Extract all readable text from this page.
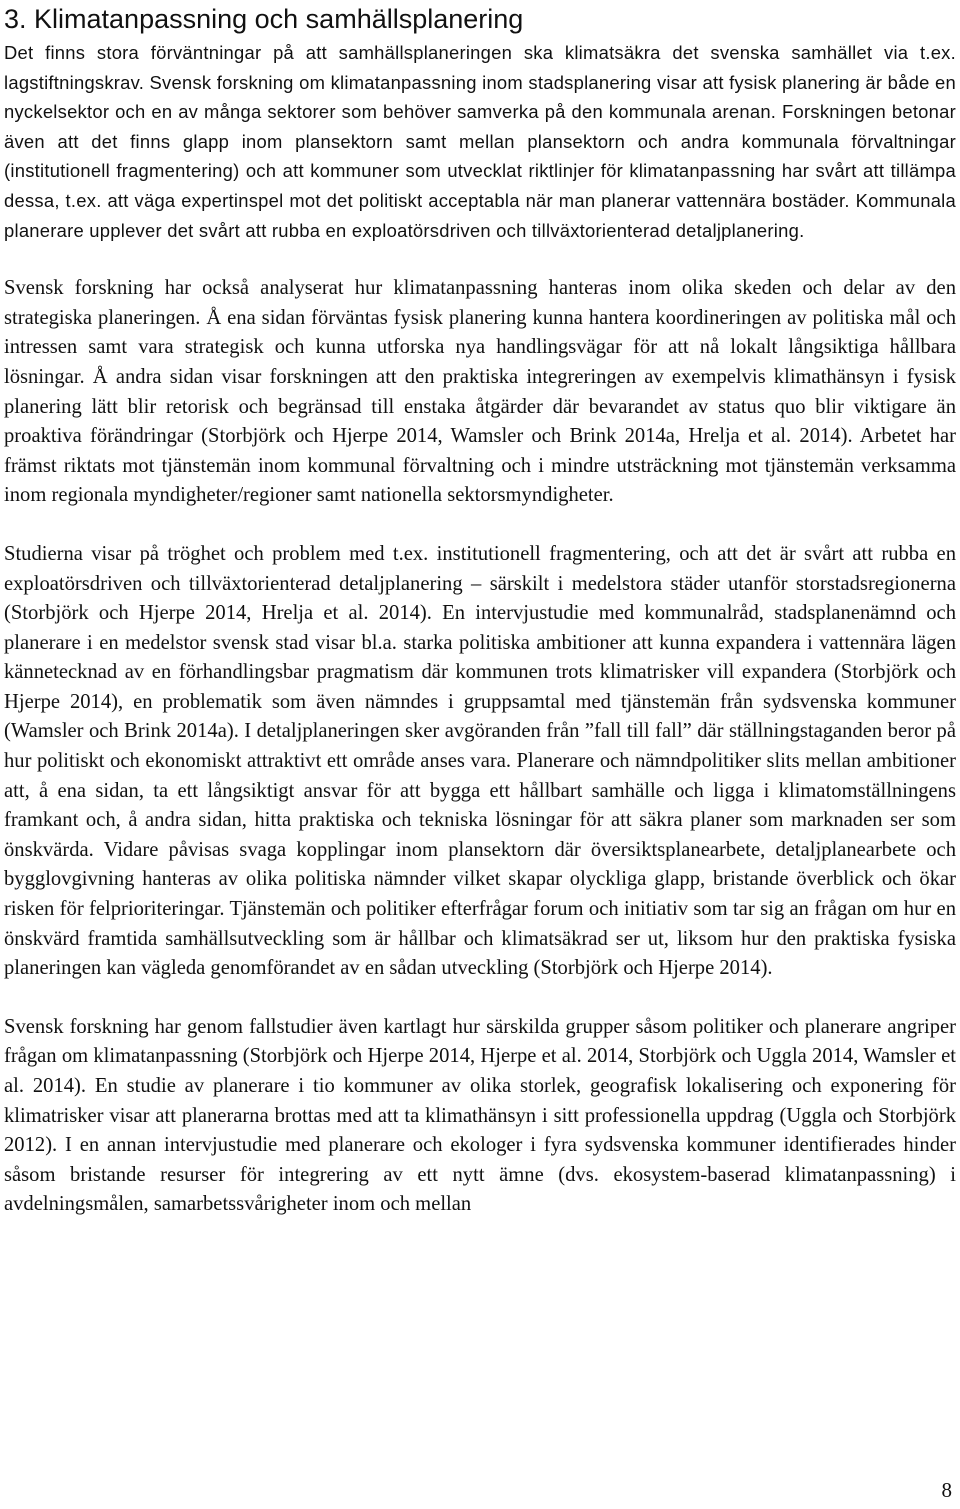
3. Klimatanpassning och samhällsplanering

Det finns stora förväntningar på att samhällsplaneringen ska klimatsäkra det svenska samhället via t.ex. lagstiftningskrav. Svensk forskning om klimatanpassning inom stadsplanering visar att fysisk planering är både en nyckelsektor och en av många sektorer som behöver samverka på den kommunala arenan. Forskningen betonar även att det finns glapp inom plansektorn samt mellan plansektorn och andra kommunala förvaltningar (institutionell fragmentering) och att kommuner som utvecklat riktlinjer för klimatanpassning har svårt att tillämpa dessa, t.ex. att väga expertinspel mot det politiskt acceptabla när man planerar vattennära bostäder. Kommunala planerare upplever det svårt att rubba en exploatörsdriven och tillväxtorienterad detaljplanering.

Svensk forskning har också analyserat hur klimatanpassning hanteras inom olika skeden och delar av den strategiska planeringen. Å ena sidan förväntas fysisk planering kunna hantera koordineringen av politiska mål och intressen samt vara strategisk och kunna utforska nya handlingsvägar för att nå lokalt långsiktiga hållbara lösningar. Å andra sidan visar forskningen att den praktiska integreringen av exempelvis klimathänsyn i fysisk planering lätt blir retorisk och begränsad till enstaka åtgärder där bevarandet av status quo blir viktigare än proaktiva förändringar (Storbjörk och Hjerpe 2014, Wamsler och Brink 2014a, Hrelja et al. 2014). Arbetet har främst riktats mot tjänstemän inom kommunal förvaltning och i mindre utsträckning mot tjänstemän verksamma inom regionala myndigheter/regioner samt nationella sektorsmyndigheter.

Studierna visar på tröghet och problem med t.ex. institutionell fragmentering, och att det är svårt att rubba en exploatörsdriven och tillväxtorienterad detaljplanering – särskilt i medelstora städer utanför storstadsregionerna (Storbjörk och Hjerpe 2014, Hrelja et al. 2014). En intervjustudie med kommunalråd, stadsplanenämnd och planerare i en medelstor svensk stad visar bl.a. starka politiska ambitioner att kunna expandera i vattennära lägen kännetecknad av en förhandlingsbar pragmatism där kommunen trots klimatrisker vill expandera (Storbjörk och Hjerpe 2014), en problematik som även nämndes i gruppsamtal med tjänstemän från sydsvenska kommuner (Wamsler och Brink 2014a). I detaljplaneringen sker avgöranden från ”fall till fall” där ställningstaganden beror på hur politiskt och ekonomiskt attraktivt ett område anses vara. Planerare och nämndpolitiker slits mellan ambitioner att, å ena sidan, ta ett långsiktigt ansvar för att bygga ett hållbart samhälle och ligga i klimatomställningens framkant och, å andra sidan, hitta praktiska och tekniska lösningar för att säkra planer som marknaden ser som önskvärda. Vidare påvisas svaga kopplingar inom plansektorn där översiktsplanearbete, detaljplanearbete och bygglovgivning hanteras av olika politiska nämnder vilket skapar olyckliga glapp, bristande överblick och ökar risken för felprioriteringar. Tjänstemän och politiker efterfrågar forum och initiativ som tar sig an frågan om hur en önskvärd framtida samhällsutveckling som är hållbar och klimatsäkrad ser ut, liksom hur den praktiska fysiska planeringen kan vägleda genomförandet av en sådan utveckling (Storbjörk och Hjerpe 2014).

Svensk forskning har genom fallstudier även kartlagt hur särskilda grupper såsom politiker och planerare angriper frågan om klimatanpassning (Storbjörk och Hjerpe 2014, Hjerpe et al. 2014, Storbjörk och Uggla 2014, Wamsler et al. 2014). En studie av planerare i tio kommuner av olika storlek, geografisk lokalisering och exponering för klimatrisker visar att planerarna brottas med att ta klimathänsyn i sitt professionella uppdrag (Uggla och Storbjörk 2012). I en annan intervjustudie med planerare och ekologer i fyra sydsvenska kommuner identifierades hinder såsom bristande resurser för integrering av ett nytt ämne (dvs. ekosystem-baserad klimatanpassning) i avdelningsmålen, samarbetssvårigheter inom och mellan

8
